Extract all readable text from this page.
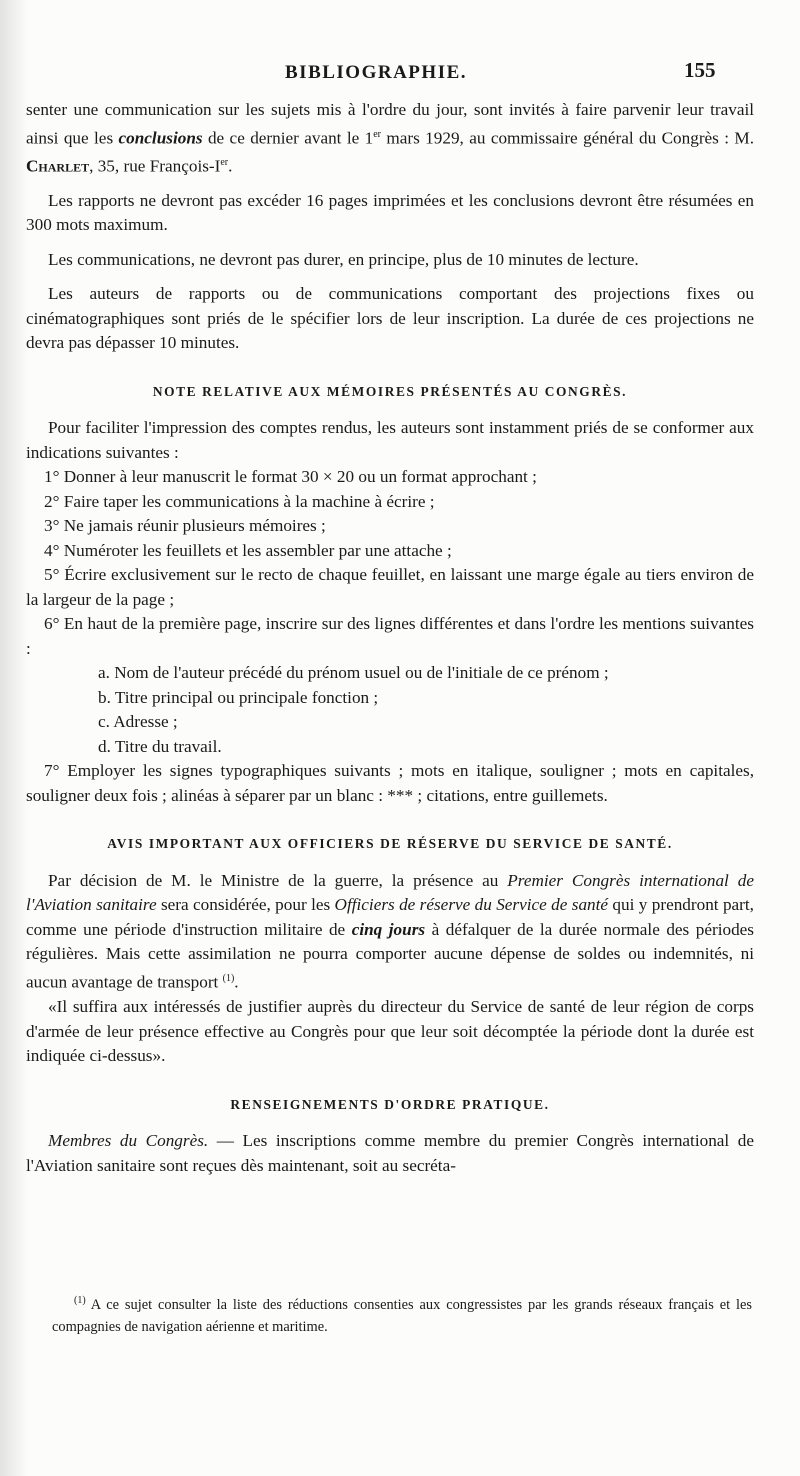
BIBLIOGRAPHIE.	155

senter une communication sur les sujets mis à l'ordre du jour, sont invités à faire parvenir leur travail ainsi que les conclusions de ce dernier avant le 1er mars 1929, au commissaire général du Congrès : M. Charlet, 35, rue François-Ier.

Les rapports ne devront pas excéder 16 pages imprimées et les conclusions devront être résumées en 300 mots maximum.

Les communications, ne devront pas durer, en principe, plus de 10 minutes de lecture.

Les auteurs de rapports ou de communications comportant des projections fixes ou cinématographiques sont priés de le spécifier lors de leur inscription. La durée de ces projections ne devra pas dépasser 10 minutes.

NOTE RELATIVE AUX MÉMOIRES PRÉSENTÉS AU CONGRÈS.

Pour faciliter l'impression des comptes rendus, les auteurs sont instamment priés de se conformer aux indications suivantes :

1° Donner à leur manuscrit le format 30 × 20 ou un format approchant ;

2° Faire taper les communications à la machine à écrire ;

3° Ne jamais réunir plusieurs mémoires ;

4° Numéroter les feuillets et les assembler par une attache ;

5° Écrire exclusivement sur le recto de chaque feuillet, en laissant une marge égale au tiers environ de la largeur de la page ;

6° En haut de la première page, inscrire sur des lignes différentes et dans l'ordre les mentions suivantes :

a. Nom de l'auteur précédé du prénom usuel ou de l'initiale de ce prénom ;

b. Titre principal ou principale fonction ;

c. Adresse ;

d. Titre du travail.

7° Employer les signes typographiques suivants ; mots en italique, souligner ; mots en capitales, souligner deux fois ; alinéas à séparer par un blanc : *** ; citations, entre guillemets.

AVIS IMPORTANT AUX OFFICIERS DE RÉSERVE DU SERVICE DE SANTÉ.

Par décision de M. le Ministre de la guerre, la présence au Premier Congrès international de l'Aviation sanitaire sera considérée, pour les Officiers de réserve du Service de santé qui y prendront part, comme une période d'instruction militaire de cinq jours à défalquer de la durée normale des périodes régulières. Mais cette assimilation ne pourra comporter aucune dépense de soldes ou indemnités, ni aucun avantage de transport $^{(1)}$.

«Il suffira aux intéressés de justifier auprès du directeur du Service de santé de leur région de corps d'armée de leur présence effective au Congrès pour que leur soit décomptée la période dont la durée est indiquée ci-dessus».

RENSEIGNEMENTS D'ORDRE PRATIQUE.

Membres du Congrès. — Les inscriptions comme membre du premier Congrès international de l'Aviation sanitaire sont reçues dès maintenant, soit au secréta-

$^{(1)}$ A ce sujet consulter la liste des réductions consenties aux congressistes par les grands réseaux français et les compagnies de navigation aérienne et maritime.
